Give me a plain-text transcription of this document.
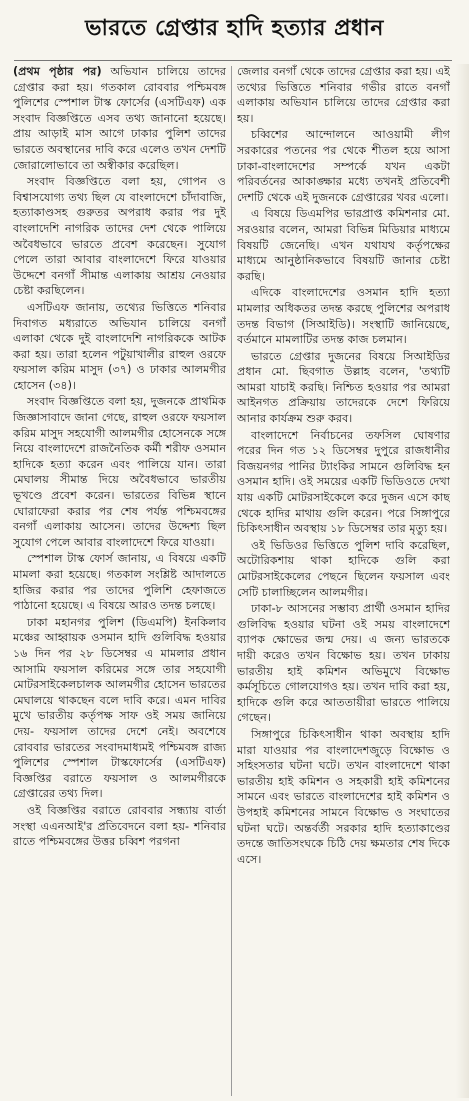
ভারতে গ্রেপ্তার হাদি হত্যার প্রধান

(প্রথম পৃষ্ঠার পর) অভিযান চালিয়ে তাদের গ্রেপ্তার করা হয়। গতকাল রোববার পশ্চিমবঙ্গ পুলিশের স্পেশাল টাস্ক ফোর্সের (এসটিএফ) এক সংবাদ বিজ্ঞপ্তিতে এসব তথ্য জানানো হয়েছে। প্রায় আড়াই মাস আগে ঢাকার পুলিশ তাদের ভারতে অবস্থানের দাবি করে এলেও তখন দেশটি জোরালোভাবে তা অস্বীকার করেছিল।

সংবাদ বিজ্ঞপ্তিতে বলা হয়, গোপন ও বিশ্বাসযোগ্য তথ্য ছিল যে বাংলাদেশে চাঁদাবাজি, হত্যাকাণ্ডসহ গুরুতর অপরাধ করার পর দুই বাংলাদেশি নাগরিক তাদের দেশ থেকে পালিয়ে অবৈধভাবে ভারতে প্রবেশ করেছেন। সুযোগ পেলে তারা আবার বাংলাদেশে ফিরে যাওয়ার উদ্দেশে বনগাঁ সীমান্ত এলাকায় আশ্রয় নেওয়ার চেষ্টা করছিলেন।

এসটিএফ জানায়, তথ্যের ভিত্তিতে শনিবার দিবাগত মধ্যরাতে অভিযান চালিয়ে বনগাঁ এলাকা থেকে দুই বাংলাদেশি নাগরিককে আটক করা হয়। তারা হলেন পটুয়াখালীর রাহুল ওরফে ফয়সাল করিম মাসুদ (৩৭) ও ঢাকার আলমগীর হোসেন (৩৪)।

সংবাদ বিজ্ঞপ্তিতে বলা হয়, দুজনকে প্রাথমিক জিজ্ঞাসাবাদে জানা গেছে, রাহুল ওরফে ফয়সাল করিম মাসুদ সহযোগী আলমগীর হোসেনকে সঙ্গে নিয়ে বাংলাদেশে রাজনৈতিক কর্মী শরীফ ওসমান হাদিকে হত্যা করেন এবং পালিয়ে যান। তারা মেঘালয় সীমান্ত দিয়ে অবৈধভাবে ভারতীয় ভূখণ্ডে প্রবেশ করেন। ভারতের বিভিন্ন স্থানে ঘোরাফেরা করার পর শেষ পর্যন্ত পশ্চিমবঙ্গের বনগাঁ এলাকায় আসেন। তাদের উদ্দেশ্য ছিল সুযোগ পেলে আবার বাংলাদেশে ফিরে যাওয়া।

স্পেশাল টাস্ক ফোর্স জানায়, এ বিষয়ে একটি মামলা করা হয়েছে। গতকাল সংশ্লিষ্ট আদালতে হাজির করার পর তাদের পুলিশি হেফাজতে পাঠানো হয়েছে। এ বিষয়ে আরও তদন্ত চলছে।

ঢাকা মহানগর পুলিশ (ডিএমপি) ইনকিলাব মঞ্চের আহ্বায়ক ওসমান হাদি গুলিবিদ্ধ হওয়ার ১৬ দিন পর ২৮ ডিসেম্বর এ মামলার প্রধান আসামি ফয়সাল করিমের সঙ্গে তার সহযোগী মোটরসাইকেলচালক আলমগীর হোসেন ভারতের মেঘালয়ে থাকছেন বলে দাবি করে। এমন দাবির মুখে ভারতীয় কর্তৃপক্ষ সাফ ওই সময় জানিয়ে দেয়- ফয়সাল তাদের দেশে নেই। অবশেষে রোববার ভারতের সংবাদমাধ্যমই পশ্চিমবঙ্গ রাজ্য পুলিশের স্পেশাল টাস্কফোর্সের (এসটিএফ) বিজ্ঞপ্তির বরাতে ফয়সাল ও আলমগীরকে গ্রেপ্তারের তথ্য দিল।

ওই বিজ্ঞপ্তির বরাতে রোববার সন্ধ্যায় বার্তা সংস্থা এএনআই'র প্রতিবেদনে বলা হয়- শনিবার রাতে পশ্চিমবঙ্গের উত্তর চব্বিশ পরগনা

জেলার বনগাঁ থেকে তাদের গ্রেপ্তার করা হয়। এই তথ্যের ভিত্তিতে শনিবার গভীর রাতে বনগাঁ এলাকায় অভিযান চালিয়ে তাদের গ্রেপ্তার করা হয়।

চব্বিশের আন্দোলনে আওয়ামী লীগ সরকারের পতনের পর থেকে শীতল হয়ে আসা ঢাকা-বাংলাদেশের সম্পর্কে যখন একটা পরিবর্তনের আকাঙ্ক্ষার মধ্যে তখনই প্রতিবেশী দেশটি থেকে এই দুজনকে গ্রেপ্তারের খবর এলো।

এ বিষয়ে ডিএমপির ভারপ্রাপ্ত কমিশনার মো. সরওয়ার বলেন, আমরা বিভিন্ন মিডিয়ার মাধ্যমে বিষয়টি জেনেছি। এখন যথাযথ কর্তৃপক্ষের মাধ্যমে আনুষ্ঠানিকভাবে বিষয়টি জানার চেষ্টা করছি।

এদিকে বাংলাদেশের ওসমান হাদি হত্যা মামলার অধিকতর তদন্ত করছে পুলিশের অপরাধ তদন্ত বিভাগ (সিআইডি)। সংস্থাটি জানিয়েছে, বর্তমানে মামলাটির তদন্ত কাজ চলমান।

ভারতে গ্রেপ্তার দুজনের বিষয়ে সিআইডির প্রধান মো. ছিবগাত উল্লাহ বলেন, 'তথ্যটি আমরা যাচাই করছি। নিশ্চিত হওয়ার পর আমরা আইনগত প্রক্রিয়ায় তাদেরকে দেশে ফিরিয়ে আনার কার্যক্রম শুরু করব।

বাংলাদেশে নির্বাচনের তফসিল ঘোষণার পরের দিন গত ১২ ডিসেম্বর দুপুরে রাজধানীর বিজয়নগর পানির ট্যাংকির সামনে গুলিবিদ্ধ হন ওসমান হাদি। ওই সময়ের একটি ভিডিওতে দেখা যায় একটি মোটরসাইকেলে করে দুজন এসে কাছ থেকে হাদির মাথায় গুলি করেন। পরে সিঙ্গাপুরে চিকিৎসাধীন অবস্থায় ১৮ ডিসেম্বর তার মৃত্যু হয়।

ওই ভিডিওর ভিত্তিতে পুলিশ দাবি করেছিল, অটোরিকশায় থাকা হাদিকে গুলি করা মোটরসাইকেলের পেছনে ছিলেন ফয়সাল এবং সেটি চালাচ্ছিলেন আলমগীর।

ঢাকা-৮ আসনের সম্ভাব্য প্রার্থী ওসমান হাদির গুলিবিদ্ধ হওয়ার ঘটনা ওই সময় বাংলাদেশে ব্যাপক ক্ষোভের জন্ম দেয়। এ জন্য ভারতকে দায়ী করেও তখন বিক্ষোভ হয়। তখন ঢাকায় ভারতীয় হাই কমিশন অভিমুখে বিক্ষোভ কর্মসূচিতে গোলযোগও হয়। তখন দাবি করা হয়, হাদিকে গুলি করে আততায়ীরা ভারতে পালিয়ে গেছেন।

সিঙ্গাপুরে চিকিৎসাধীন থাকা অবস্থায় হাদি মারা যাওয়ার পর বাংলাদেশজুড়ে বিক্ষোভ ও সহিংসতার ঘটনা ঘটে। তখন বাংলাদেশে থাকা ভারতীয় হাই কমিশন ও সহকারী হাই কমিশনের সামনে এবং ভারতে বাংলাদেশের হাই কমিশন ও উপহাই কমিশনের সামনে বিক্ষোভ ও সংঘাতের ঘটনা ঘটে। অন্তর্বর্তী সরকার হাদি হত্যাকাণ্ডের তদন্তে জাতিসংঘকে চিঠি দেয় ক্ষমতার শেষ দিকে এসে।
